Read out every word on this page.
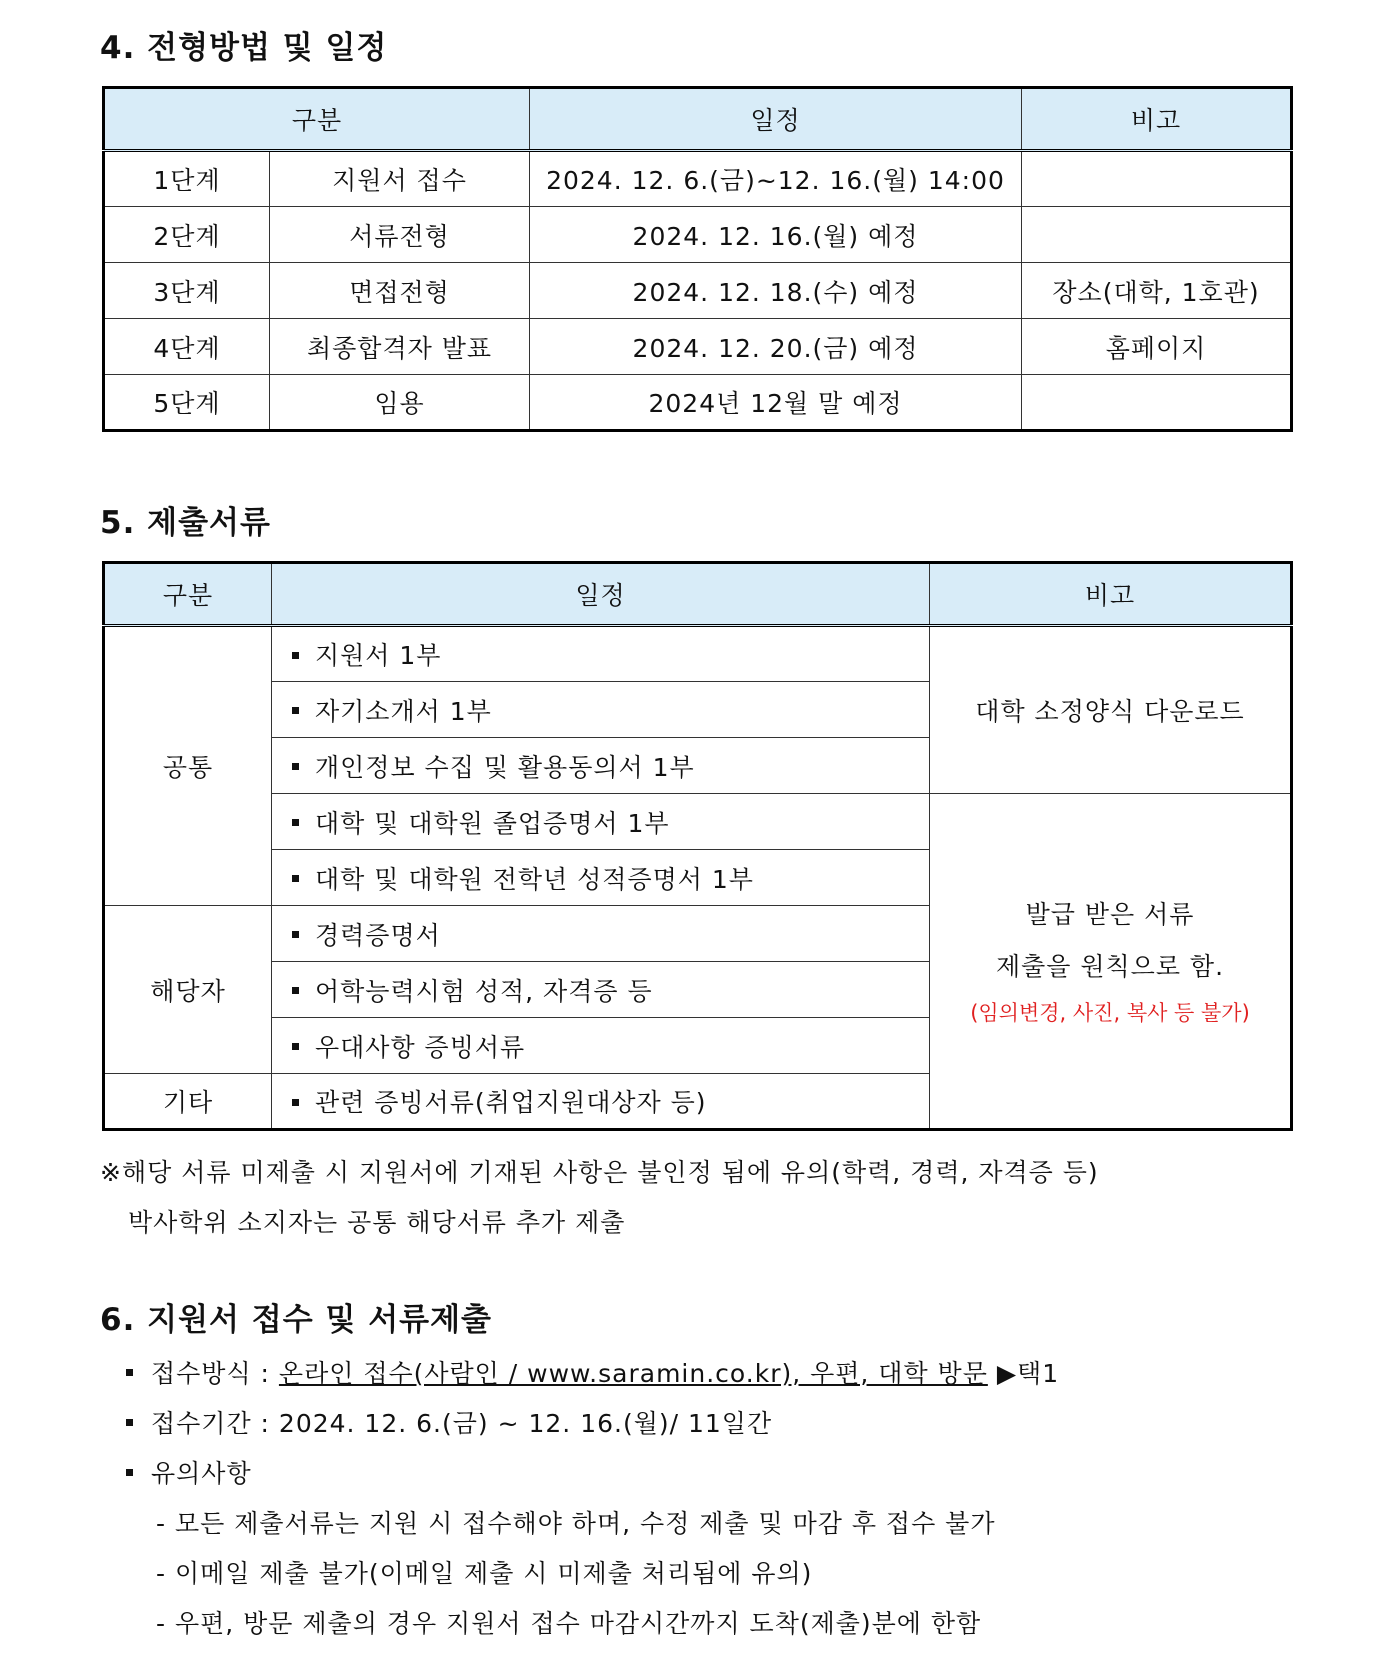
4. 전형방법 및 일정
구분		일정	비고
1단계	지원서 접수	2024. 12. 6.(금)~12. 16.(월) 14:00	
2단계	서류전형	2024. 12. 16.(월) 예정	
3단계	면접전형	2024. 12. 18.(수) 예정	장소(대학, 1호관)
4단계	최종합격자 발표	2024. 12. 20.(금) 예정	홈페이지
5단계	임용	2024년 12월 말 예정	
5. 제출서류
구분	일정	비고
공통	지원서 1부	대학 소정양식 다운로드
	자기소개서 1부	
	개인정보 수집 및 활용동의서 1부	
	대학 및 대학원 졸업증명서 1부	발급 받은 서류
제출을 원칙으로 함.
(임의변경, 사진, 복사 등 불가)

	대학 및 대학원 전학년 성적증명서 1부	
해당자	경력증명서	
	어학능력시험 성적, 자격증 등	
	우대사항 증빙서류	
기타	관련 증빙서류(취업지원대상자 등)	
※해당 서류 미제출 시 지원서에 기재된 사항은 불인정 됨에 유의(학력, 경력, 자격증 등)
박사학위 소지자는 공통 해당서류 추가 제출
6. 지원서 접수 및 서류제출
접수방식 : 온라인 접수(사람인 / www.saramin.co.kr), 우편, 대학 방문 ▶택1
접수기간 : 2024. 12. 6.(금) ~ 12. 16.(월)/ 11일간
유의사항
- 모든 제출서류는 지원 시 접수해야 하며, 수정 제출 및 마감 후 접수 불가
- 이메일 제출 불가(이메일 제출 시 미제출 처리됨에 유의)
- 우편, 방문 제출의 경우 지원서 접수 마감시간까지 도착(제출)분에 한함
